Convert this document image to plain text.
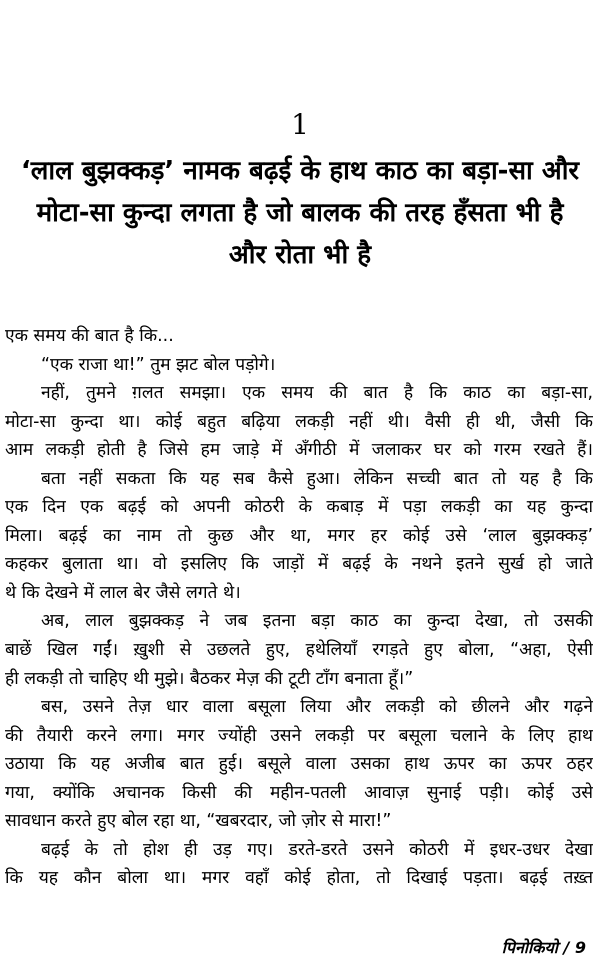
1
‘लाल बुझक्कड़’ नामक बढ़ई के हाथ काठ का बड़ा-सा और
मोटा-सा कुन्दा लगता है जो बालक की तरह हँसता भी है
और रोता भी है
एक समय की बात है कि...
“एक राजा था!” तुम झट बोल पड़ोगे।
नहीं, तुमने ग़लत समझा। एक समय की बात है कि काठ का बड़ा-सा,
मोटा-सा कुन्दा था। कोई बहुत बढ़िया लकड़ी नहीं थी। वैसी ही थी, जैसी कि
आम लकड़ी होती है जिसे हम जाड़े में अँगीठी में जलाकर घर को गरम रखते हैं।
बता नहीं सकता कि यह सब कैसे हुआ। लेकिन सच्ची बात तो यह है कि
एक दिन एक बढ़ई को अपनी कोठरी के कबाड़ में पड़ा लकड़ी का यह कुन्दा
मिला। बढ़ई का नाम तो कुछ और था, मगर हर कोई उसे ‘लाल बुझक्कड़’
कहकर बुलाता था। वो इसलिए कि जाड़ों में बढ़ई के नथने इतने सुर्ख हो जाते
थे कि देखने में लाल बेर जैसे लगते थे।
अब, लाल बुझक्कड़ ने जब इतना बड़ा काठ का कुन्दा देखा, तो उसकी
बाछें खिल गईं। ख़ुशी से उछलते हुए, हथेलियाँ रगड़ते हुए बोला, “अहा, ऐसी
ही लकड़ी तो चाहिए थी मुझे। बैठकर मेज़ की टूटी टाँग बनाता हूँ।”
बस, उसने तेज़ धार वाला बसूला लिया और लकड़ी को छीलने और गढ़ने
की तैयारी करने लगा। मगर ज्योंही उसने लकड़ी पर बसूला चलाने के लिए हाथ
उठाया कि यह अजीब बात हुई। बसूले वाला उसका हाथ ऊपर का ऊपर ठहर
गया, क्योंकि अचानक किसी की महीन-पतली आवाज़ सुनाई पड़ी। कोई उसे
सावधान करते हुए बोल रहा था, “खबरदार, जो ज़ोर से मारा!”
बढ़ई के तो होश ही उड़ गए। डरते-डरते उसने कोठरी में इधर-उधर देखा
कि यह कौन बोला था। मगर वहाँ कोई होता, तो दिखाई पड़ता। बढ़ई तख़्त
पिनोकियो / 9
